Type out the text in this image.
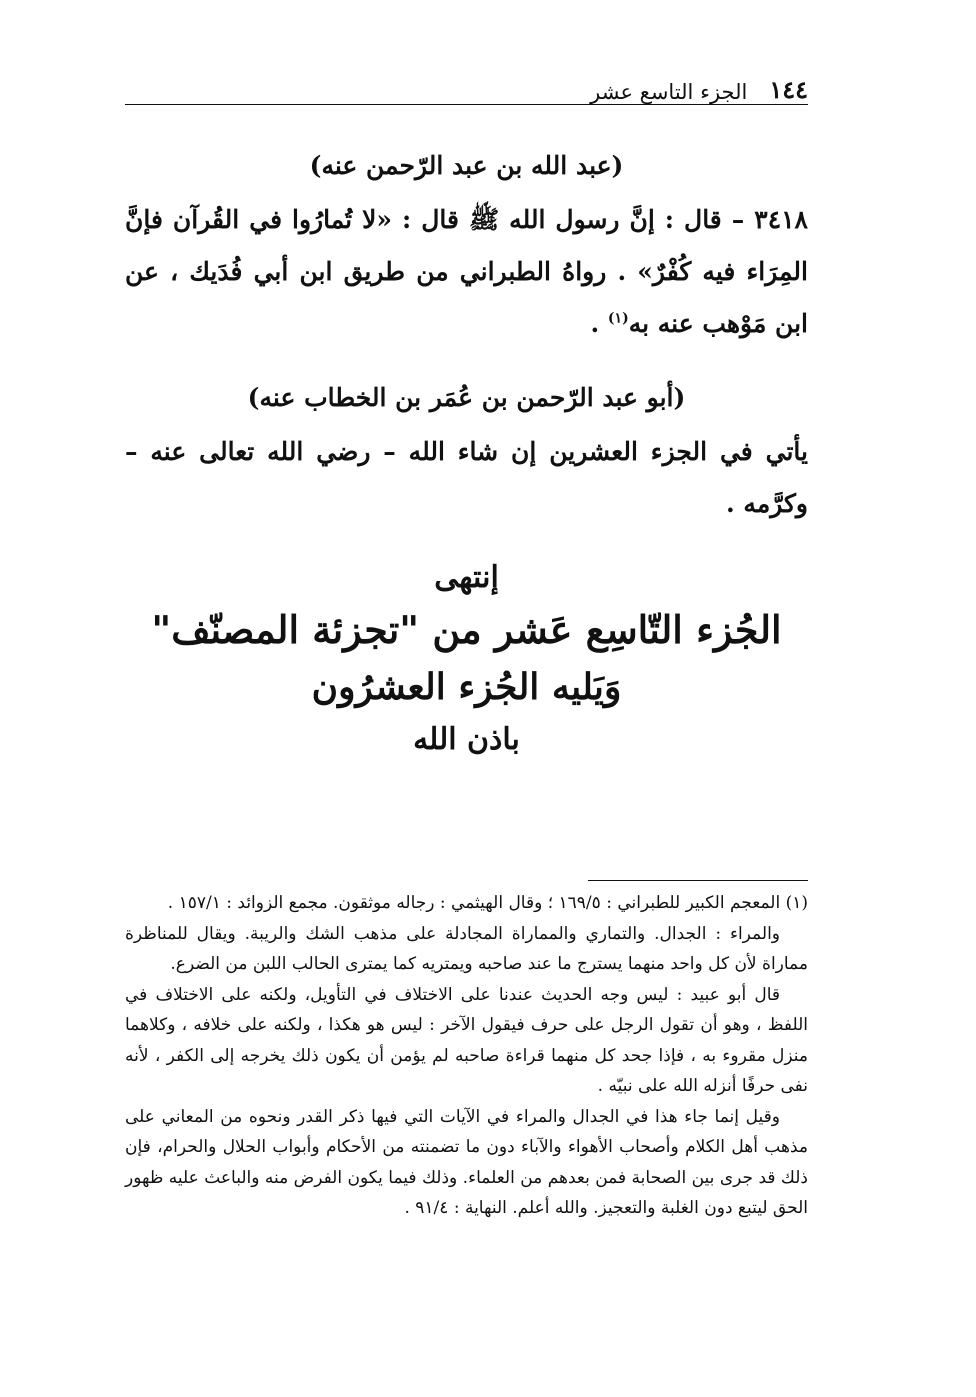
١٤٤
الجزء التاسع عشر

(عبد الله بن عبد الرّحمن عنه)

٣٤١٨ – قال : إنَّ رسول الله ﷺ قال : «لا تُمارُوا في القُرآن فإنَّ المِرَاء فيه كُفْرٌ» . رواهُ الطبراني من طريق ابن أبي فُدَيك ، عن ابن مَوْهب عنه به$^{(١)}$ .

(أبو عبد الرّحمن بن عُمَر بن الخطاب عنه)

يأتي في الجزء العشرين إن شاء الله – رضي الله تعالى عنه – وكرَّمه .

إنتهى
الجُزء التّاسِع عَشر من "تجزئة المصنّف"
وَيَليه الجُزء العشرُون
باذن الله

(١) المعجم الكبير للطبراني : ١٦٩/٥ ؛ وقال الهيثمي : رجاله موثقون. مجمع الزوائد : ١٥٧/١ .

والمراء : الجدال. والتماري والمماراة المجادلة على مذهب الشك والريبة. ويقال للمناظرة مماراة لأن كل واحد منهما يسترج ما عند صاحبه ويمتريه كما يمترى الحالب اللبن من الضرع.

قال أبو عبيد : ليس وجه الحديث عندنا على الاختلاف في التأويل، ولكنه على الاختلاف في اللفظ ، وهو أن تقول الرجل على حرف فيقول الآخر : ليس هو هكذا ، ولكنه على خلافه ، وكلاهما منزل مقروء به ، فإذا جحد كل منهما قراءة صاحبه لم يؤمن أن يكون ذلك يخرجه إلى الكفر ، لأنه نفى حرفًا أنزله الله على نبيّه .

وقيل إنما جاء هذا في الجدال والمراء في الآيات التي فيها ذكر القدر ونحوه من المعاني على مذهب أهل الكلام وأصحاب الأهواء والآباء دون ما تضمنته من الأحكام وأبواب الحلال والحرام، فإن ذلك قد جرى بين الصحابة فمن بعدهم من العلماء. وذلك فيما يكون الفرض منه والباعث عليه ظهور الحق ليتبع دون الغلبة والتعجيز. والله أعلم. النهاية : ٩١/٤ .
